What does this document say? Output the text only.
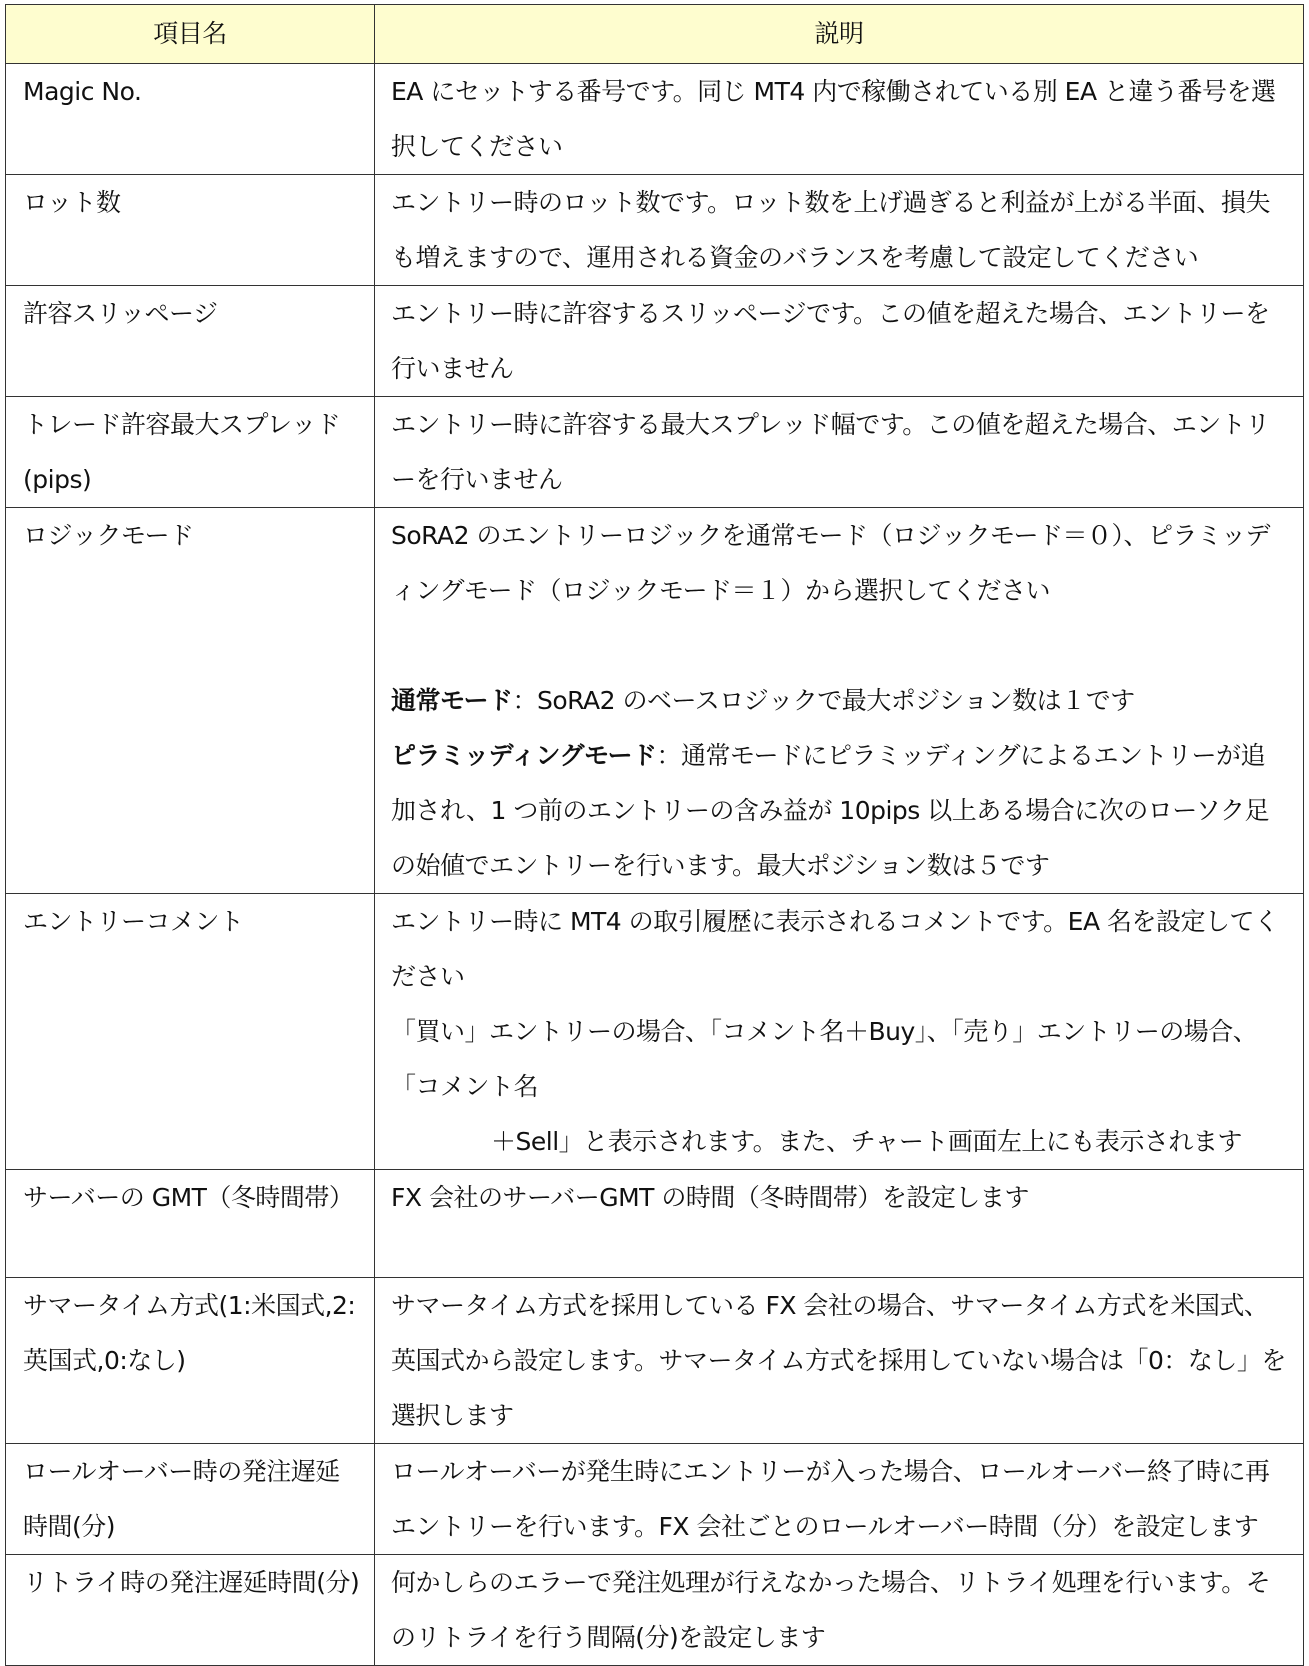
項目名	説明
Magic No.	EA にセットする番号です。同じ MT4 内で稼働されている別 EA と違う番号を選択してください
ロット数	エントリー時のロット数です。ロット数を上げ過ぎると利益が上がる半面、損失も増えますので、運用される資金のバランスを考慮して設定してください
許容スリッページ	エントリー時に許容するスリッページです。この値を超えた場合、エントリーを行いません
トレード許容最大スプレッド(pips)	エントリー時に許容する最大スプレッド幅です。この値を超えた場合、エントリーを行いません
ロジックモード	SoRA2 のエントリーロジックを通常モード（ロジックモード＝０）、ピラミッディングモード（ロジックモード＝１）から選択してください
通常モード：SoRA2 のベースロジックで最大ポジション数は１です
ピラミッディングモード：通常モードにピラミッディングによるエントリーが追加され、1 つ前のエントリーの含み益が 10pips 以上ある場合に次のローソク足の始値でエントリーを行います。最大ポジション数は５です

エントリーコメント	エントリー時に MT4 の取引履歴に表示されるコメントです。EA 名を設定してください
「買い」エントリーの場合、「コメント名＋Buy」、「売り」エントリーの場合、「コメント名
＋Sell」と表示されます。また、チャート画面左上にも表示されます

サーバーの GMT（冬時間帯）	FX 会社のサーバーGMT の時間（冬時間帯）を設定します
サマータイム方式(1:米国式,2:英国式,0:なし)	サマータイム方式を採用している FX 会社の場合、サマータイム方式を米国式、英国式から設定します。サマータイム方式を採用していない場合は「0：なし」を選択します
ロールオーバー時の発注遅延時間(分)	ロールオーバーが発生時にエントリーが入った場合、ロールオーバー終了時に再エントリーを行います。FX 会社ごとのロールオーバー時間（分）を設定します
リトライ時の発注遅延時間(分)	何かしらのエラーで発注処理が行えなかった場合、リトライ処理を行います。そのリトライを行う間隔(分)を設定します
